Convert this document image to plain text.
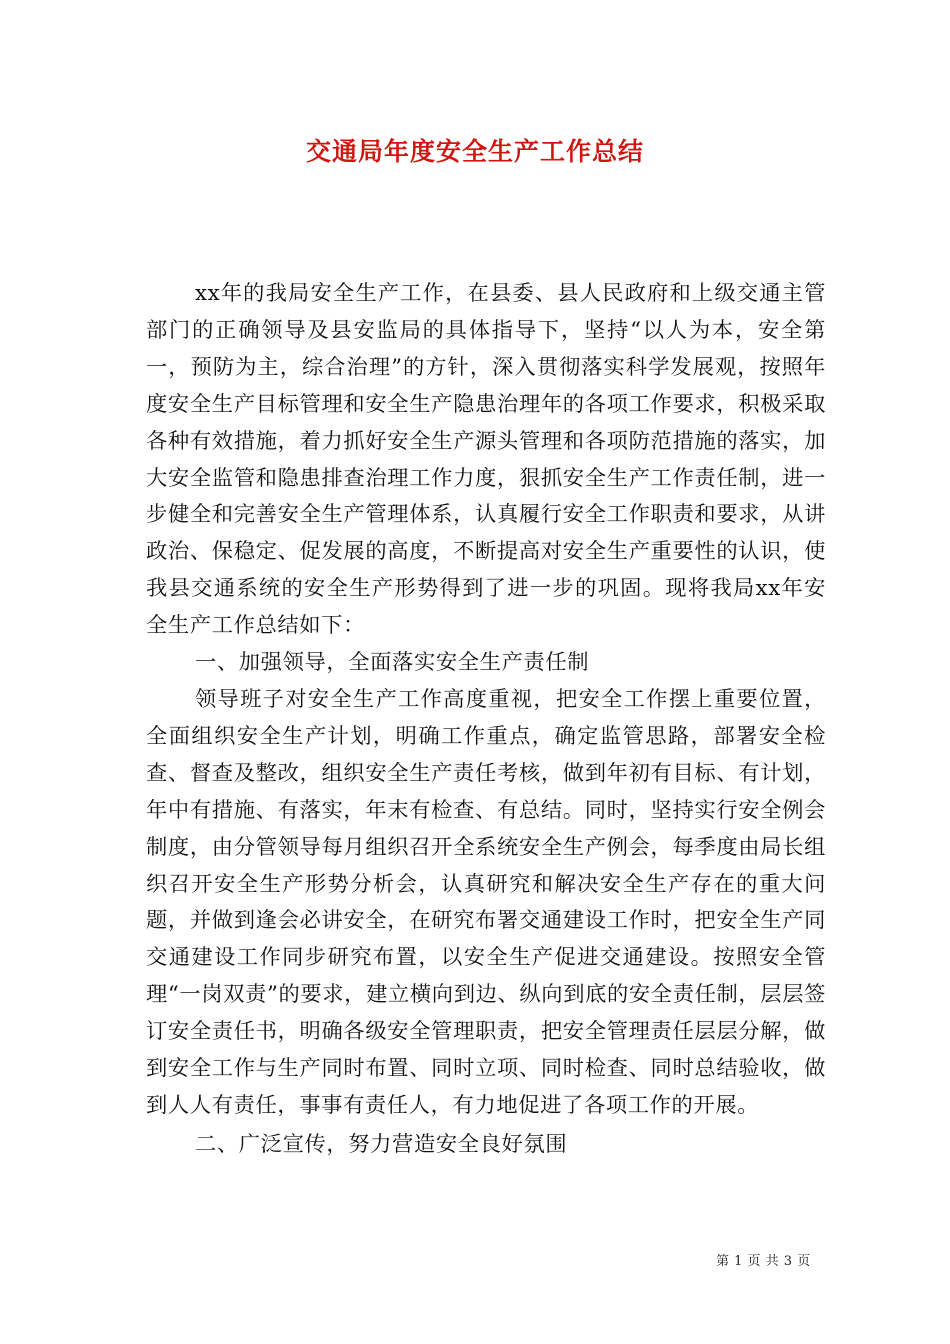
交通局年度安全生产工作总结

xx年的我局安全生产工作，在县委、县人民政府和上级交通主管部门的正确领导及县安监局的具体指导下，坚持“以人为本，安全第一，预防为主，综合治理”的方针，深入贯彻落实科学发展观，按照年度安全生产目标管理和安全生产隐患治理年的各项工作要求，积极采取各种有效措施，着力抓好安全生产源头管理和各项防范措施的落实，加大安全监管和隐患排查治理工作力度，狠抓安全生产工作责任制，进一步健全和完善安全生产管理体系，认真履行安全工作职责和要求，从讲政治、保稳定、促发展的高度，不断提高对安全生产重要性的认识，使我县交通系统的安全生产形势得到了进一步的巩固。现将我局xx年安全生产工作总结如下：

一、加强领导，全面落实安全生产责任制

领导班子对安全生产工作高度重视，把安全工作摆上重要位置，全面组织安全生产计划，明确工作重点，确定监管思路，部署安全检查、督查及整改，组织安全生产责任考核，做到年初有目标、有计划，年中有措施、有落实，年末有检查、有总结。同时，坚持实行安全例会制度，由分管领导每月组织召开全系统安全生产例会，每季度由局长组织召开安全生产形势分析会，认真研究和解决安全生产存在的重大问题，并做到逢会必讲安全，在研究布署交通建设工作时，把安全生产同交通建设工作同步研究布置，以安全生产促进交通建设。按照安全管理“一岗双责”的要求，建立横向到边、纵向到底的安全责任制，层层签订安全责任书，明确各级安全管理职责，把安全管理责任层层分解，做到安全工作与生产同时布置、同时立项、同时检查、同时总结验收，做到人人有责任，事事有责任人，有力地促进了各项工作的开展。

二、广泛宣传，努力营造安全良好氛围

第 1 页 共 3 页
